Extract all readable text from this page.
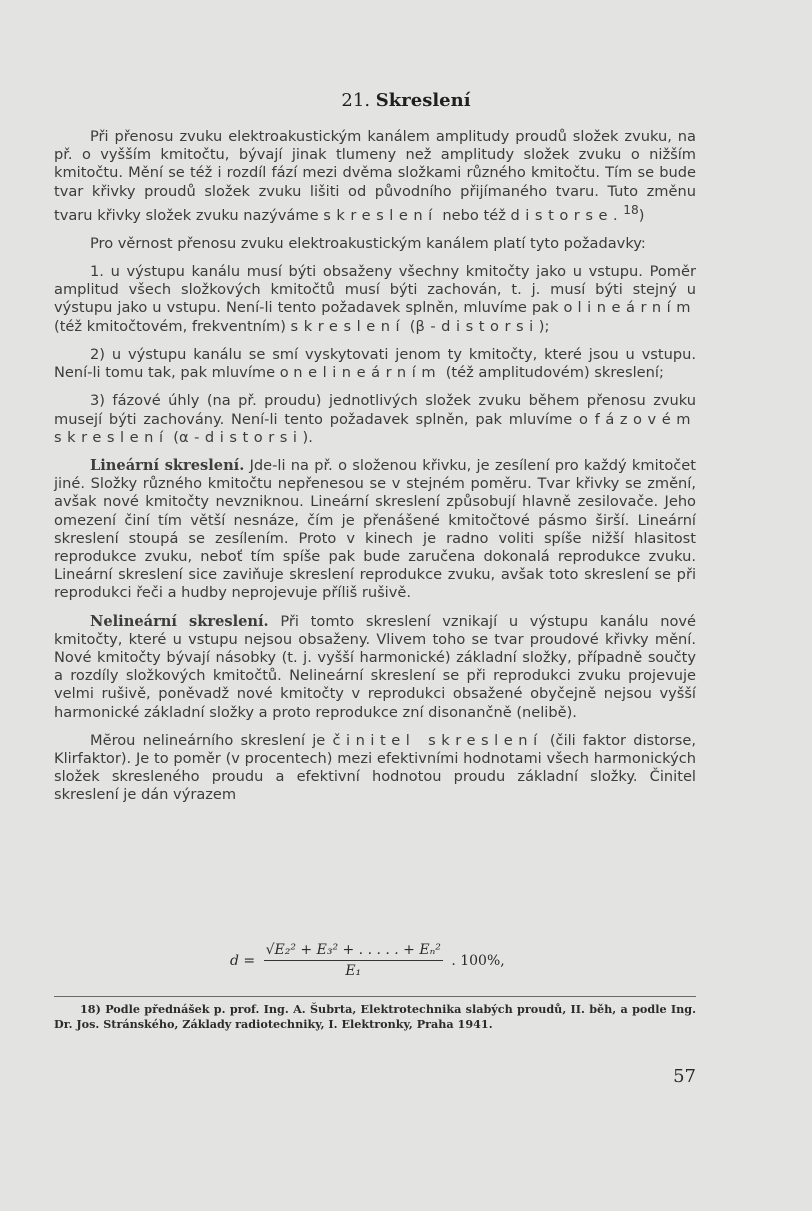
21. Skreslení

Při přenosu zvuku elektroakustickým kanálem amplitudy proudů složek zvuku, na př. o vyšším kmitočtu, bývají jinak tlumeny než amplitudy složek zvuku o nižším kmitočtu. Mění se též i rozdíl fází mezi dvěma složkami různého kmitočtu. Tím se bude tvar křivky proudů složek zvuku lišiti od původního přijímaného tvaru. Tuto změnu tvaru křivky složek zvuku nazýváme skreslení nebo též distorse.$^{18}$)

Pro věrnost přenosu zvuku elektroakustickým kanálem platí tyto požadavky:

1. u výstupu kanálu musí býti obsaženy všechny kmitočty jako u vstupu. Poměr amplitud všech složkových kmitočtů musí býti zachován, t. j. musí býti stejný u výstupu jako u vstupu. Není-li tento požadavek splněn, mluvíme pak o lineárním (též kmitočtovém, frekventním) skreslení (β-distorsi);

2) u výstupu kanálu se smí vyskytovati jenom ty kmitočty, které jsou u vstupu. Není-li tomu tak, pak mluvíme o nelineárním (též amplitudovém) skreslení;

3) fázové úhly (na př. proudu) jednotlivých složek zvuku během přenosu zvuku musejí býti zachovány. Není-li tento požadavek splněn, pak mluvíme o fázovém skreslení (α-distorsi).

Lineární skreslení. Jde-li na př. o složenou křivku, je zesílení pro každý kmitočet jiné. Složky různého kmitočtu nepřenesou se v stejném poměru. Tvar křivky se změní, avšak nové kmitočty nevzniknou. Lineární skreslení způsobují hlavně zesilovače. Jeho omezení činí tím větší nesnáze, čím je přenášené kmitočtové pásmo širší. Lineární skreslení stoupá se zesílením. Proto v kinech je radno voliti spíše nižší hlasitost reprodukce zvuku, neboť tím spíše pak bude zaručena dokonalá reprodukce zvuku. Lineární skreslení sice zaviňuje skreslení reprodukce zvuku, avšak toto skreslení se při reprodukci řeči a hudby neprojevuje příliš rušivě.

Nelineární skreslení. Při tomto skreslení vznikají u výstupu kanálu nové kmitočty, které u vstupu nejsou obsaženy. Vlivem toho se tvar proudové křivky mění. Nové kmitočty bývají násobky (t. j. vyšší harmonické) základní složky, případně součty a rozdíly složkových kmitočtů. Nelineární skreslení se při reprodukci zvuku projevuje velmi rušivě, poněvadž nové kmitočty v reprodukci obsažené obyčejně nejsou vyšší harmonické základní složky a proto reprodukce zní disonančně (nelibě).

Mĕrou nelineárního skreslení je činitel skreslení (čili faktor distorse, Klirfaktor). Je to poměr (v procentech) mezi efektivními hodnotami všech harmonických složek skresleného proudu a efektivní hodnotou proudu základní složky. Činitel skreslení je dán výrazem

$d = \frac{\text{√E₂² + E₃² + . . . . . + Eₙ²}}{\text{E₁}}$ . 100%,
18) Podle přednášek p. prof. Ing. A. Šubrta, Elektrotechnika slabých proudů, II. běh, a podle Ing. Dr. Jos. Stránského, Základy radiotechniky, I. Elektronky, Praha 1941.
57
